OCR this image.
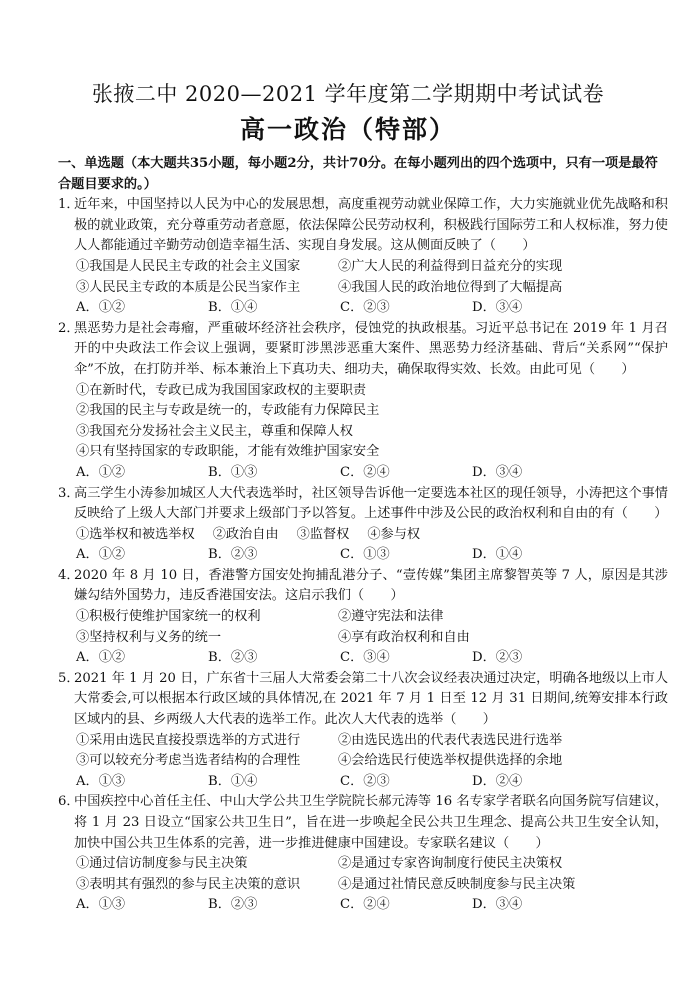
张掖二中 2020—2021 学年度第二学期期中考试试卷
高一政治（特部）

一、单选题（本大题共35小题，每小题2分，共计70分。在每小题列出的四个选项中，只有一项是最符合题目要求的。）

1．
近年来，中国坚持以人民为中心的发展思想，高度重视劳动就业保障工作，大力实施就业优先战略和积极的就业政策，充分尊重劳动者意愿，依法保障公民劳动权利，积极践行国际劳工和人权标准，努力使人人都能通过辛勤劳动创造幸福生活、实现自身发展。这从侧面反映了（　　）
①我国是人民民主专政的社会主义国家	②广大人民的利益得到日益充分的实现
③人民民主专政的本质是公民当家作主	④我国人民的政治地位得到了大幅提高
A．①②	B．①④	C．②③	D．③④
2．
黑恶势力是社会毒瘤，严重破坏经济社会秩序，侵蚀党的执政根基。习近平总书记在 2019 年 1 月召开的中央政法工作会议上强调，要紧盯涉黑涉恶重大案件、黑恶势力经济基础、背后“关系网”“保护伞”不放，在打防并举、标本兼治上下真功夫、细功夫，确保取得实效、长效。由此可见（　　）
①在新时代，专政已成为我国国家政权的主要职责
②我国的民主与专政是统一的，专政能有力保障民主
③我国充分发扬社会主义民主，尊重和保障人权
④只有坚持国家的专政职能，才能有效维护国家安全
A．①②	B．①③	C．②④	D．③④
3．
高三学生小涛参加城区人大代表选举时，社区领导告诉他一定要选本社区的现任领导，小涛把这个事情反映给了上级人大部门并要求上级部门予以答复。上述事件中涉及公民的政治权利和自由的有（　　）
①选举权和被选举权 ②政治自由 ③监督权 ④参与权
A．①②	B．②③	C．①③	D．①④
4．
2020 年 8 月 10 日，香港警方国安处拘捕乱港分子、“壹传媒”集团主席黎智英等 7 人，原因是其涉嫌勾结外国势力，违反香港国安法。这启示我们（　　）
①积极行使维护国家统一的权利	②遵守宪法和法律
③坚持权利与义务的统一	④享有政治权利和自由
A．①②	B．②③	C．③④	D．②③
5．
2021 年 1 月 20 日，广东省十三届人大常委会第二十八次会议经表决通过决定，明确各地级以上市人大常委会,可以根据本行政区域的具体情况,在 2021 年 7 月 1 日至 12 月 31 日期间,统筹安排本行政区域内的县、乡两级人大代表的选举工作。此次人大代表的选举（　　）
①采用由选民直接投票选举的方式进行	②由选民选出的代表代表选民进行选举
③可以较充分考虑当选者结构的合理性	④会给选民行使选举权提供选择的余地
A．①③	B．①④	C．②③	D．②④
6．
中国疾控中心首任主任、中山大学公共卫生学院院长郝元涛等 16 名专家学者联名向国务院写信建议，将 1 月 23 日设立“国家公共卫生日”，旨在进一步唤起全民公共卫生理念、提高公共卫生安全认知，加快中国公共卫生体系的完善，进一步推进健康中国建设。专家联名建议（　　）
①通过信访制度参与民主决策	②是通过专家咨询制度行使民主决策权
③表明其有强烈的参与民主决策的意识	④是通过社情民意反映制度参与民主决策
A．①③	B．②③	C．②④	D．③④
